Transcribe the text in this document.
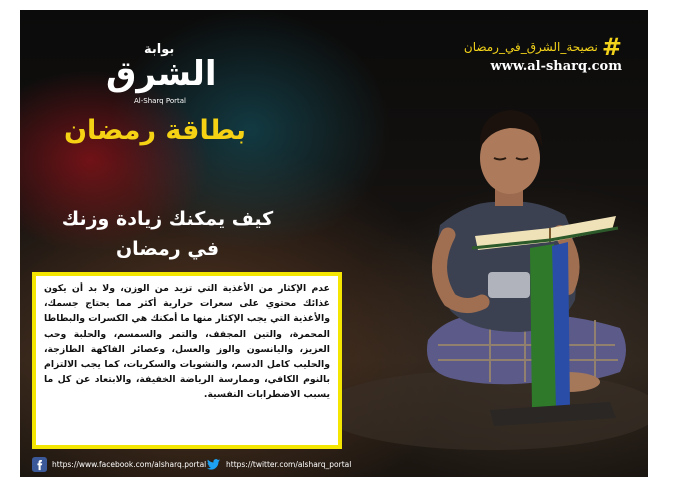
#
نصيحة_الشرق_في_رمضان
www.al-sharq.com
بوابة
الشرق
Al-Sharq Portal
بطاقة رمضان
كيف يمكنك زيادة وزنك
في رمضان
عدم الإكثار من الأغذية التي تزيد من الوزن، ولا بد أن يكون غذائك محتوي على سعرات حرارية أكثر مما يحتاج جسمك، والأغذية التي يجب الإكثار منها ما أمكنك هي الكسرات والبطاطا المحمرة، والتين المجفف، والتمر والسمسم، والحلبة وحب العزيز، واليانسون والوز والعسل، وعصائر الفاكهة الطازجة، والحليب كامل الدسم، والنشويات والسكريات، كما يجب الالتزام بالنوم الكافي، وممارسة الرياضة الخفيفة، والابتعاد عن كل ما يسبب الاضطرابات النفسية.
https://www.facebook.com/alsharq.portal	https://twitter.com/alsharq_portal
